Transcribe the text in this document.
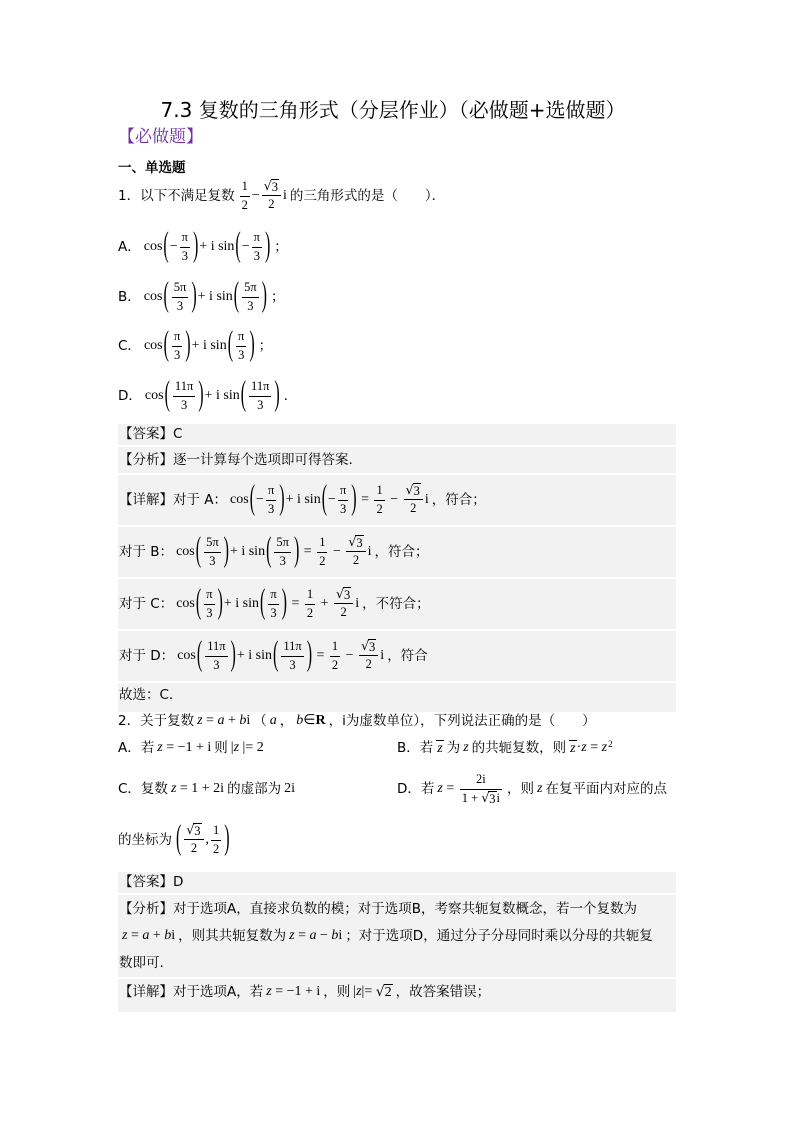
7.3 复数的三角形式（分层作业）（必做题+选做题）
【必做题】
一、单选题
1．以下不满足复数 $\frac{1}{2} - \frac{√ 3}{2}$ i 的三角形式的是（　　）．
A． cos ( − $\frac{\pi}{3}$ ) + i sin ( − $\frac{\pi}{3}$ ) ；
B． cos ( $\frac{5\pi}{3}$ ) + i sin ( $\frac{5\pi}{3}$ ) ；
C． cos ( $\frac{\pi}{3}$ ) + i sin ( $\frac{\pi}{3}$ ) ；
D． cos ( $\frac{11\pi}{3}$ ) + i sin ( $\frac{11\pi}{3}$ ) ．
【答案】C
【分析】逐一计算每个选项即可得答案.
【详解】对于 A： cos ( − $\frac{\pi}{3}$ ) + i sin ( − $\frac{\pi}{3}$ ) = $\frac{1}{2} - \frac{√ 3}{2}$ i ，符合；
对于 B： cos ( $\frac{5\pi}{3}$ ) + i sin ( $\frac{5\pi}{3}$ ) = $\frac{1}{2} - \frac{√ 3}{2}$ i ，符合；
对于 C： cos ( $\frac{\pi}{3}$ ) + i sin ( $\frac{\pi}{3}$ ) = $\frac{1}{2} + \frac{√ 3}{2}$ i ，不符合；
对于 D： cos ( $\frac{11\pi}{3}$ ) + i sin ( $\frac{11\pi}{3}$ ) = $\frac{1}{2} - \frac{√ 3}{2}$ i ，符合
故选：C.
2．关于复数 z = a + b i （ a ， b ∈ R ，i为虚数单位），下列说法正确的是（　　）
A．若 z = −1 + i 则 | z |= 2	B．若 z 为 z 的共轭复数，则 z · z = z 2
C．复数 z = 1 + 2i 的虚部为 2i	D．若 $z = \frac{2i}{1 + √ 3 i}$ ，则 z 在复平面内对应的点
的坐标为 ( $\frac{√ 3}{2}$ , $\frac{1}{2}$ )
【答案】D
【分析】对于选项A，直接求负数的模；对于选项B，考察共轭复数概念，若一个复数为
z = a + b i ，则其共轭复数为 z = a − b i ；对于选项D，通过分子分母同时乘以分母的共轭复
数即可.
【详解】对于选项A，若 z = −1 + i ，则 | z |= √ 2 ，故答案错误；
